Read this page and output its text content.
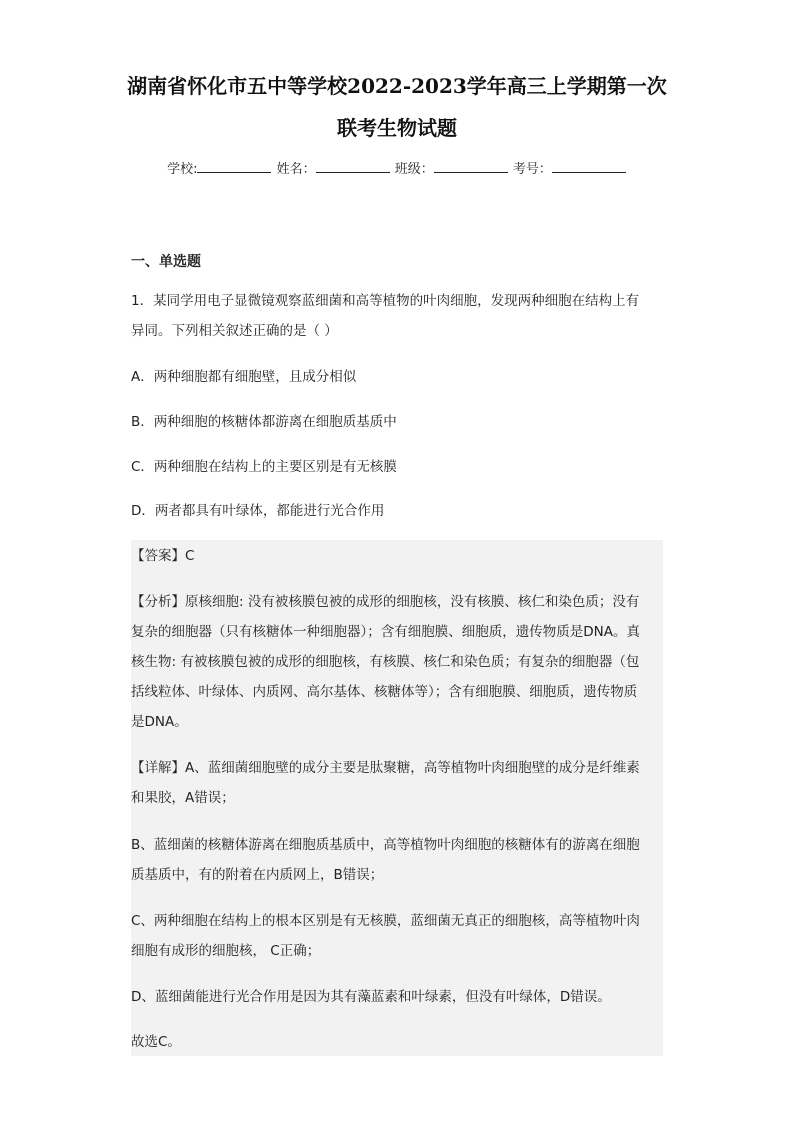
湖南省怀化市五中等学校2022-2023学年高三上学期第一次
联考生物试题
学校:	姓名：	班级：	考号：
一、单选题
1．某同学用电子显微镜观察蓝细菌和高等植物的叶肉细胞，发现两种细胞在结构上有
异同。下列相关叙述正确的是（ ）
A．两种细胞都有细胞壁，且成分相似
B．两种细胞的核糖体都游离在细胞质基质中
C．两种细胞在结构上的主要区别是有无核膜
D．两者都具有叶绿体，都能进行光合作用
【答案】C
【分析】原核细胞: 没有被核膜包被的成形的细胞核，没有核膜、核仁和染色质；没有
复杂的细胞器（只有核糖体一种细胞器）；含有细胞膜、细胞质，遗传物质是DNA。真
核生物: 有被核膜包被的成形的细胞核，有核膜、核仁和染色质；有复杂的细胞器（包
括线粒体、叶绿体、内质网、高尔基体、核糖体等）；含有细胞膜、细胞质，遗传物质
是DNA。
【详解】A、蓝细菌细胞壁的成分主要是肽聚糖，高等植物叶肉细胞壁的成分是纤维素
和果胶，A错误；
B、蓝细菌的核糖体游离在细胞质基质中，高等植物叶肉细胞的核糖体有的游离在细胞
质基质中，有的附着在内质网上，B错误；
C、两种细胞在结构上的根本区别是有无核膜，蓝细菌无真正的细胞核，高等植物叶肉
细胞有成形的细胞核， C正确；
D、蓝细菌能进行光合作用是因为其有藻蓝素和叶绿素，但没有叶绿体，D错误。
故选C。
